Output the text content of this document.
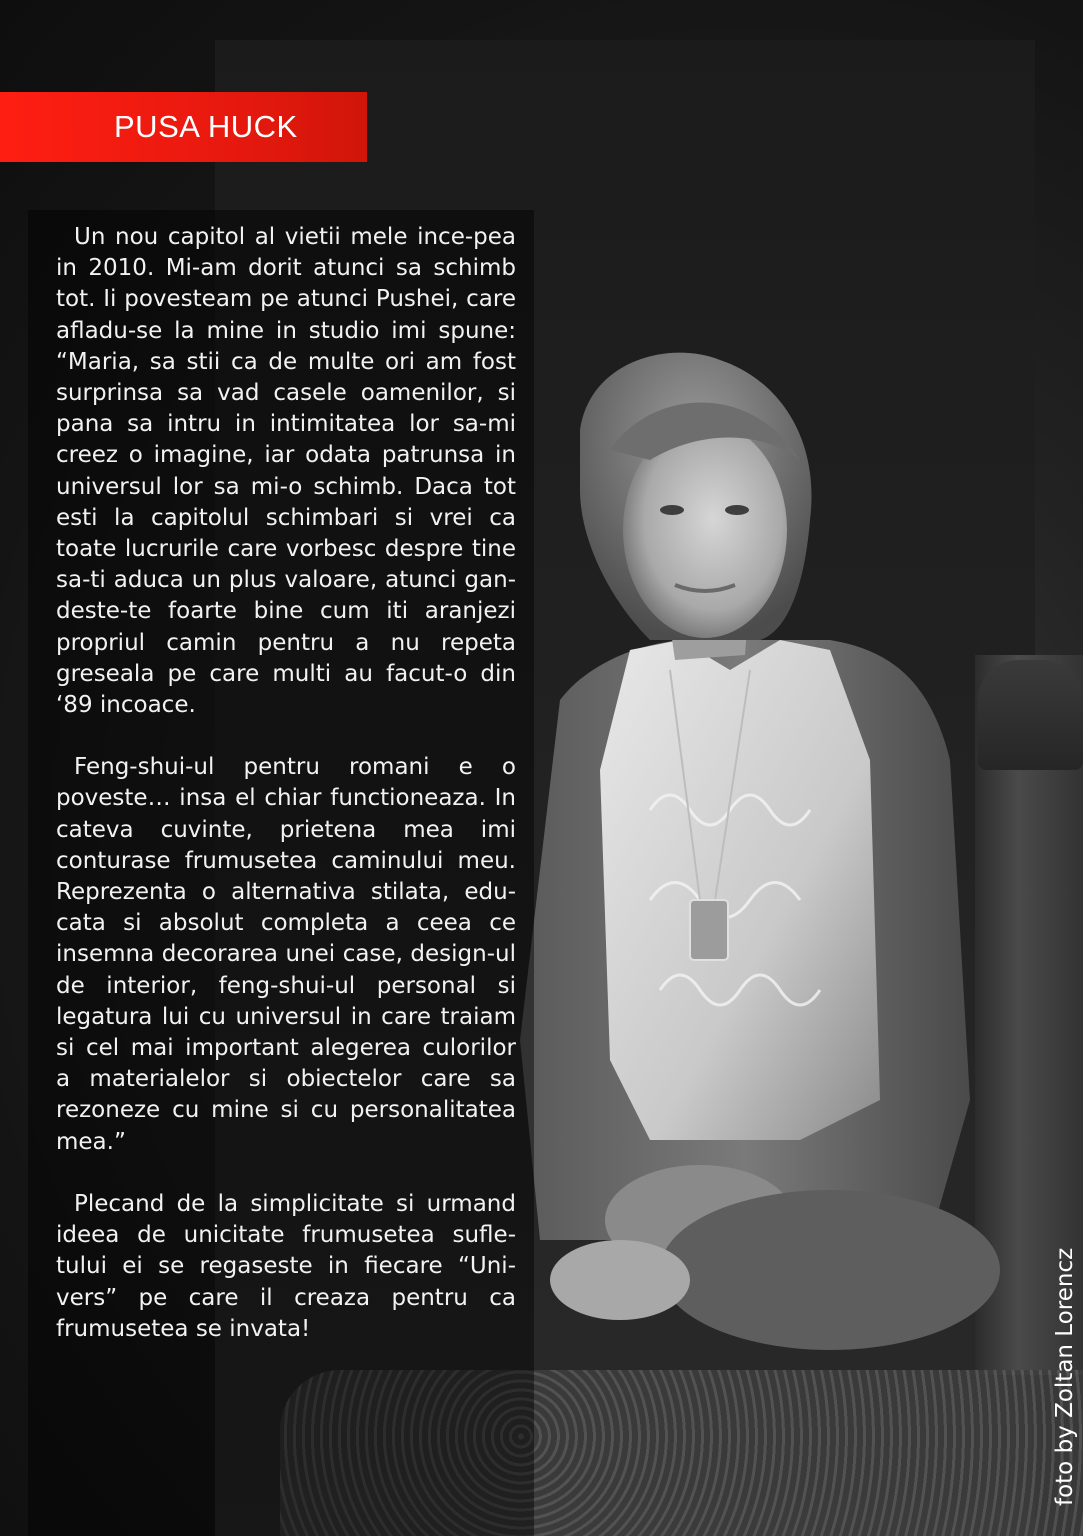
PUSA HUCK

Un nou capitol al vietii mele ince-pea in 2010. Mi-am dorit atunci sa schimb tot. Ii povesteam pe atunci Pushei, care afladu-se la mine in studio imi spune: “Maria, sa stii ca de multe ori am fost surprinsa sa vad casele oamenilor, si pana sa intru in intimitatea lor sa-mi creez o imagine, iar odata patrunsa in universul lor sa mi-o schimb. Daca tot esti la capitolul schimbari si vrei ca toate lucrurile care vorbesc despre tine sa-ti aduca un plus valoare, atunci gan-deste-te foarte bine cum iti aranjezi propriul camin pentru a nu repeta greseala pe care multi au facut-o din ‘89 incoace.

Feng-shui-ul pentru romani e o poveste… insa el chiar functioneaza. In cateva cuvinte, prietena mea imi conturase frumusetea caminului meu. Reprezenta o alternativa stilata, edu-cata si absolut completa a ceea ce insemna decorarea unei case, design-ul de interior, feng-shui-ul personal si legatura lui cu universul in care traiam si cel mai important alegerea culorilor a materialelor si obiectelor care sa rezoneze cu mine si cu personalitatea mea.”

Plecand de la simplicitate si urmand ideea de unicitate frumusetea sufle-tului ei se regaseste in fiecare “Uni-vers” pe care il creaza pentru ca frumusetea se invata!	foto by Zoltan Lorencz
